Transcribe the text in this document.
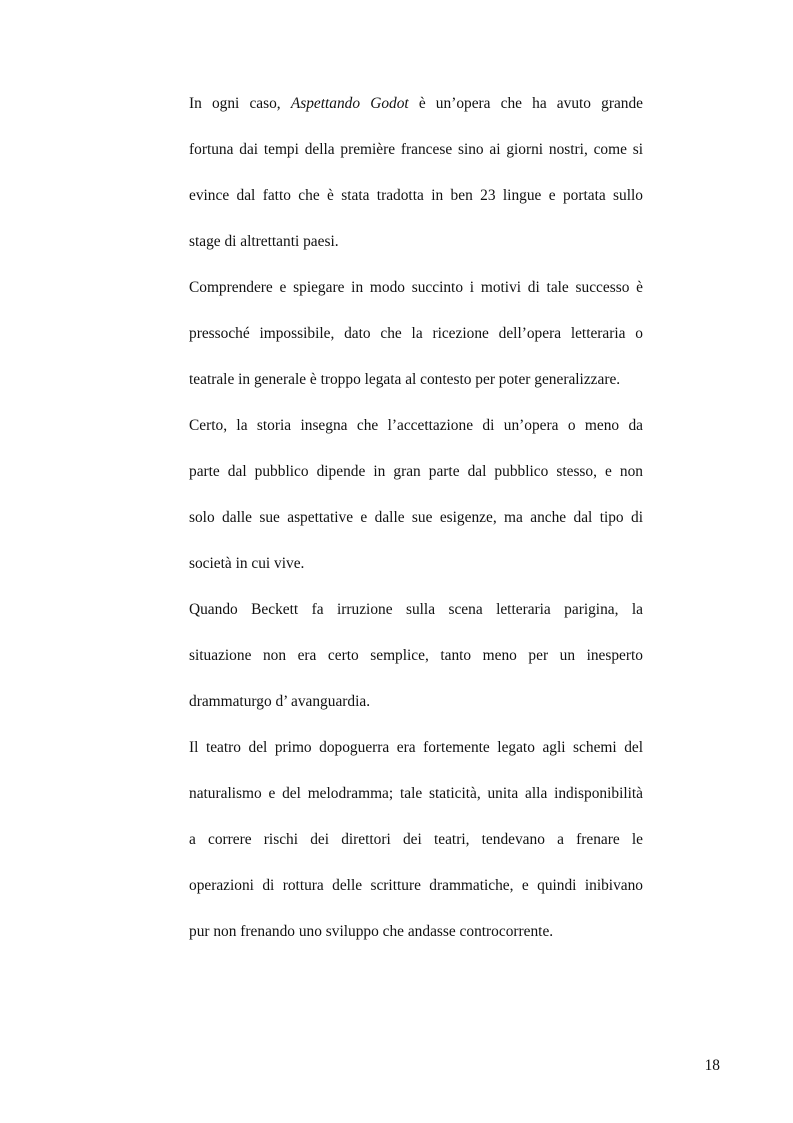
In ogni caso, Aspettando Godot è un’opera che ha avuto grande
fortuna dai tempi della première francese sino ai giorni nostri, come si
evince dal fatto che è stata tradotta in ben 23 lingue e portata sullo
stage di altrettanti paesi.
Comprendere e spiegare in modo succinto i motivi di tale successo è
pressoché impossibile, dato che la ricezione dell’opera letteraria o
teatrale in generale è troppo legata al contesto per poter generalizzare.
Certo, la storia insegna che l’accettazione di un’opera o meno da
parte dal pubblico dipende in gran parte dal pubblico stesso, e non
solo dalle sue aspettative e dalle sue esigenze, ma anche dal tipo di
società in cui vive.
Quando Beckett fa irruzione sulla scena letteraria parigina, la
situazione non era certo semplice, tanto meno per un inesperto
drammaturgo d’ avanguardia.
Il teatro del primo dopoguerra era fortemente legato agli schemi del
naturalismo e del melodramma; tale staticità, unita alla indisponibilità
a correre rischi dei direttori dei teatri, tendevano a frenare le
operazioni di rottura delle scritture drammatiche, e quindi inibivano
pur non frenando uno sviluppo che andasse controcorrente.
18
